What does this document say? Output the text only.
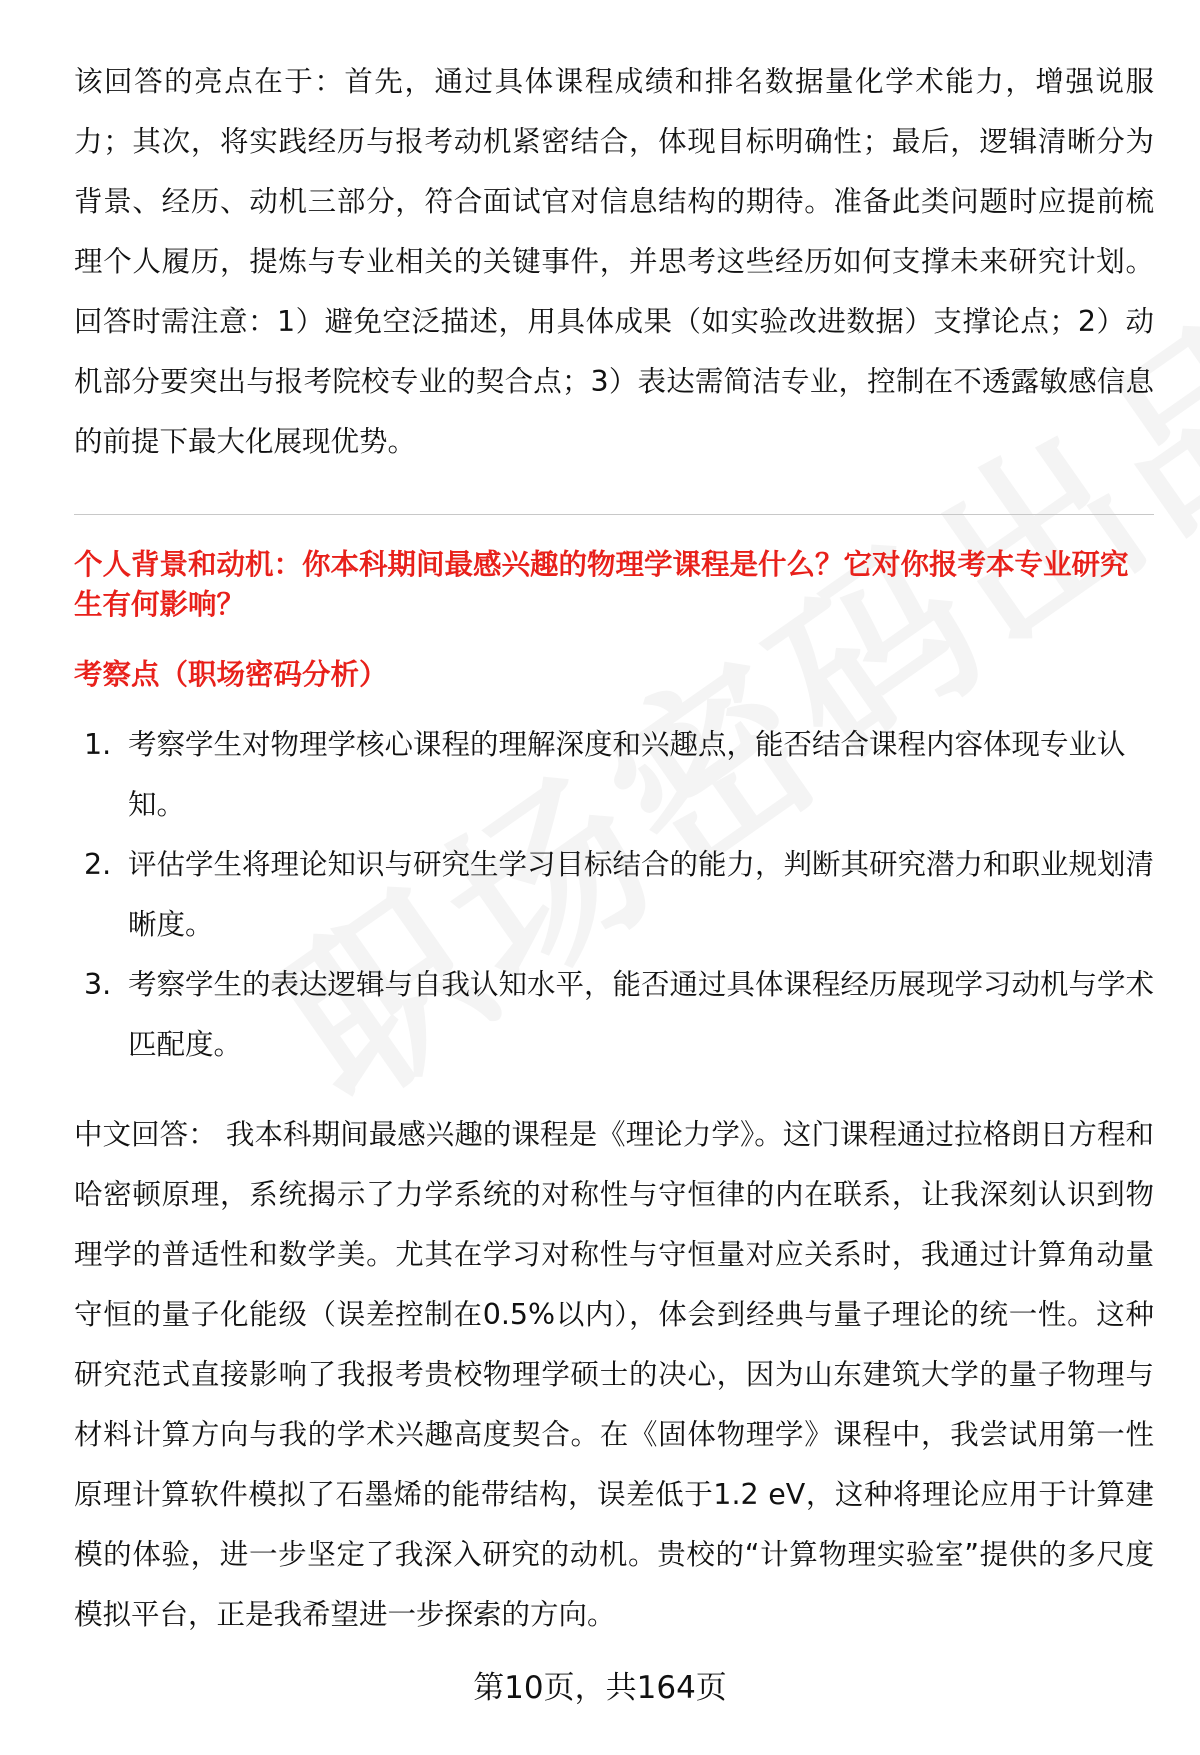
该回答的亮点在于：首先，通过具体课程成绩和排名数据量化学术能力，增强说服力；其次，将实践经历与报考动机紧密结合，体现目标明确性；最后，逻辑清晰分为背景、经历、动机三部分，符合面试官对信息结构的期待。准备此类问题时应提前梳理个人履历，提炼与专业相关的关键事件，并思考这些经历如何支撑未来研究计划。回答时需注意：1）避免空泛描述，用具体成果（如实验改进数据）支撑论点；2）动机部分要突出与报考院校专业的契合点；3）表达需简洁专业，控制在不透露敏感信息的前提下最大化展现优势。

个人背景和动机：你本科期间最感兴趣的物理学课程是什么？它对你报考本专业研究生有何影响？
考察点（职场密码分析）
1. 考察学生对物理学核心课程的理解深度和兴趣点，能否结合课程内容体现专业认知。
2. 评估学生将理论知识与研究生学习目标结合的能力，判断其研究潜力和职业规划清晰度。
3. 考察学生的表达逻辑与自我认知水平，能否通过具体课程经历展现学习动机与学术匹配度。

中文回答： 我本科期间最感兴趣的课程是《理论力学》。这门课程通过拉格朗日方程和哈密顿原理，系统揭示了力学系统的对称性与守恒律的内在联系，让我深刻认识到物理学的普适性和数学美。尤其在学习对称性与守恒量对应关系时，我通过计算角动量守恒的量子化能级（误差控制在0.5%以内），体会到经典与量子理论的统一性。这种研究范式直接影响了我报考贵校物理学硕士的决心，因为山东建筑大学的量子物理与材料计算方向与我的学术兴趣高度契合。在《固体物理学》课程中，我尝试用第一性原理计算软件模拟了石墨烯的能带结构，误差低于1.2 eV，这种将理论应用于计算建模的体验，进一步坚定了我深入研究的动机。贵校的“计算物理实验室”提供的多尺度模拟平台，正是我希望进一步探索的方向。

第10页，共164页
